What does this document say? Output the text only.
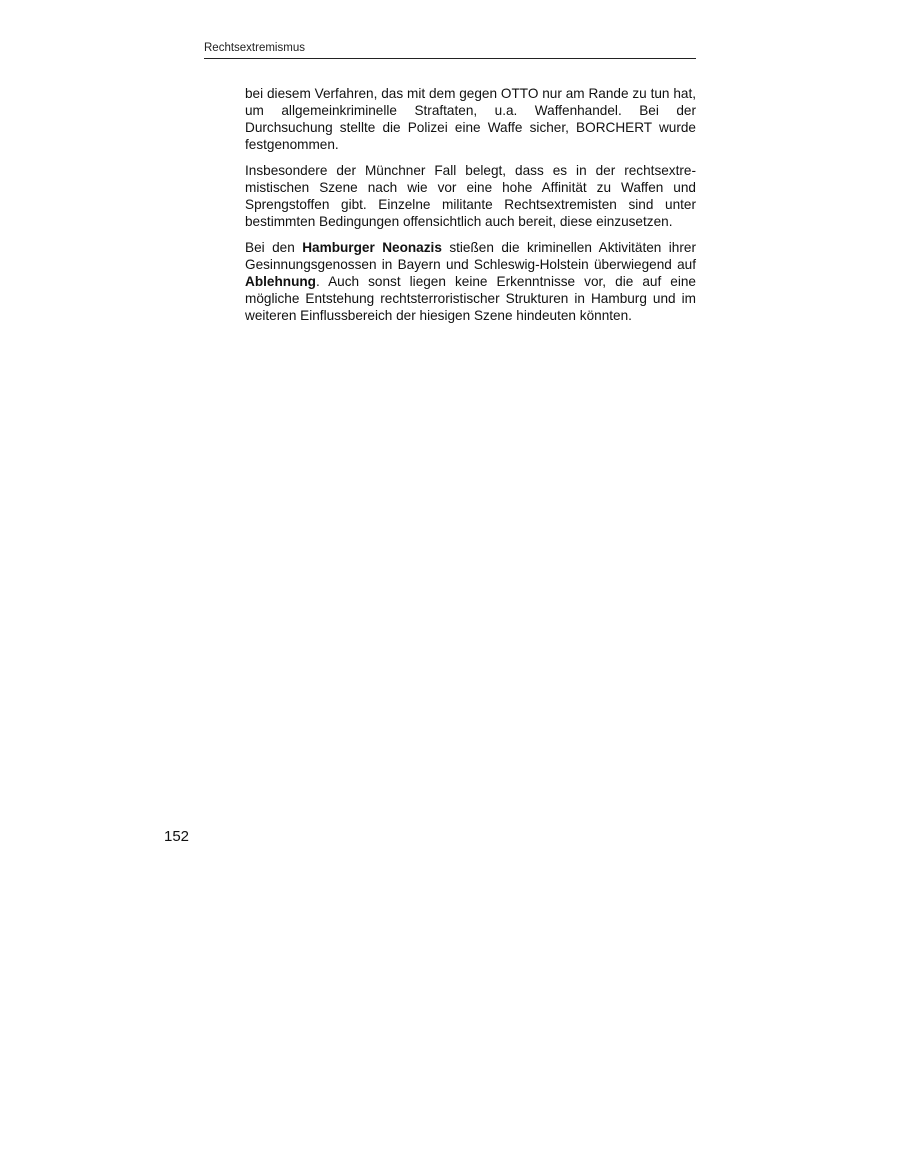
Rechtsextremismus

bei diesem Verfahren, das mit dem gegen OTTO nur am Rande zu tun hat, um allgemeinkriminelle Straftaten, u.a. Waffenhandel. Bei der Durchsuchung stellte die Polizei eine Waffe sicher, BORCHERT wurde festgenommen.

Insbesondere der Münchner Fall belegt, dass es in der rechtsextremistischen Szene nach wie vor eine hohe Affinität zu Waffen und Sprengstoffen gibt. Einzelne militante Rechtsextremisten sind unter bestimmten Bedingungen offensichtlich auch bereit, diese einzusetzen.

Bei den Hamburger Neonazis stießen die kriminellen Aktivitäten ihrer Gesinnungsgenossen in Bayern und Schleswig-Holstein überwiegend auf Ablehnung. Auch sonst liegen keine Erkenntnisse vor, die auf eine mögliche Entstehung rechtsterroristischer Strukturen in Hamburg und im weiteren Einflussbereich der hiesigen Szene hindeuten könnten.

152
